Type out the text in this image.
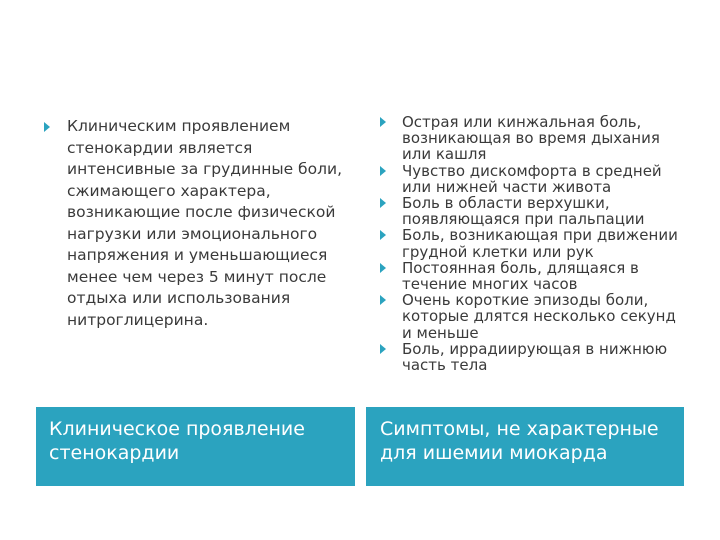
Клиническое проявление стенокардии
Симптомы, не характерные для ишемии миокарда
Клиническим проявлением стенокардии является интенсивные за грудинные боли, сжимающего характера, возникающие после физической нагрузки или эмоционального напряжения и уменьшающиеся менее чем через 5 минут после отдыха или использования нитроглицерина.
Острая или кинжальная боль, возникающая во время дыхания или кашля
Чувство дискомфорта в средней или нижней части живота
Боль в области верхушки, появляющаяся при пальпации
Боль, возникающая при движении грудной клетки или рук
Постоянная боль, длящаяся в течение многих часов
Очень короткие эпизоды боли, которые длятся несколько секунд и меньше
Боль, иррадиирующая в нижнюю часть тела
